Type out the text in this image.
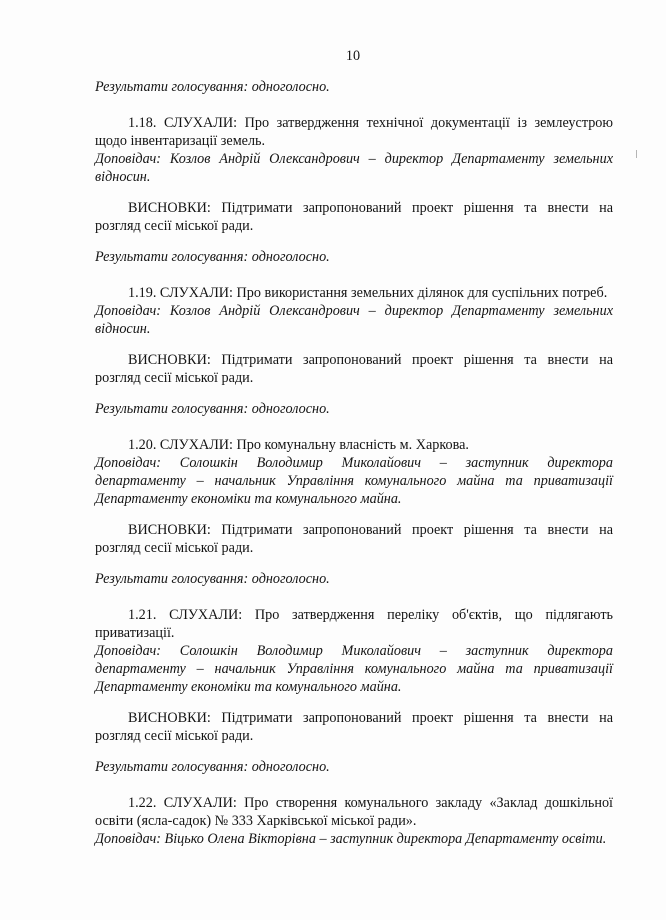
10

Результати голосування: одноголосно.

1.18. СЛУХАЛИ: Про затвердження технічної документації із землеустрою щодо інвентаризації земель.

Доповідач: Козлов Андрій Олександрович – директор Департаменту земельних відносин.

ВИСНОВКИ: Підтримати запропонований проект рішення та внести на розгляд сесії міської ради.

Результати голосування: одноголосно.

1.19. СЛУХАЛИ: Про використання земельних ділянок для суспільних потреб.

Доповідач: Козлов Андрій Олександрович – директор Департаменту земельних відносин.

ВИСНОВКИ: Підтримати запропонований проект рішення та внести на розгляд сесії міської ради.

Результати голосування: одноголосно.

1.20. СЛУХАЛИ: Про комунальну власність м. Харкова.

Доповідач: Солошкін Володимир Миколайович – заступник директора департаменту – начальник Управління комунального майна та приватизації Департаменту економіки та комунального майна.

ВИСНОВКИ: Підтримати запропонований проект рішення та внести на розгляд сесії міської ради.

Результати голосування: одноголосно.

1.21. СЛУХАЛИ: Про затвердження переліку об'єктів, що підлягають приватизації.

Доповідач: Солошкін Володимир Миколайович – заступник директора департаменту – начальник Управління комунального майна та приватизації Департаменту економіки та комунального майна.

ВИСНОВКИ: Підтримати запропонований проект рішення та внести на розгляд сесії міської ради.

Результати голосування: одноголосно.

1.22. СЛУХАЛИ: Про створення комунального закладу «Заклад дошкільної освіти (ясла-садок) № 333 Харківської міської ради».

Доповідач: Віцько Олена Вікторівна – заступник директора Департаменту освіти.
